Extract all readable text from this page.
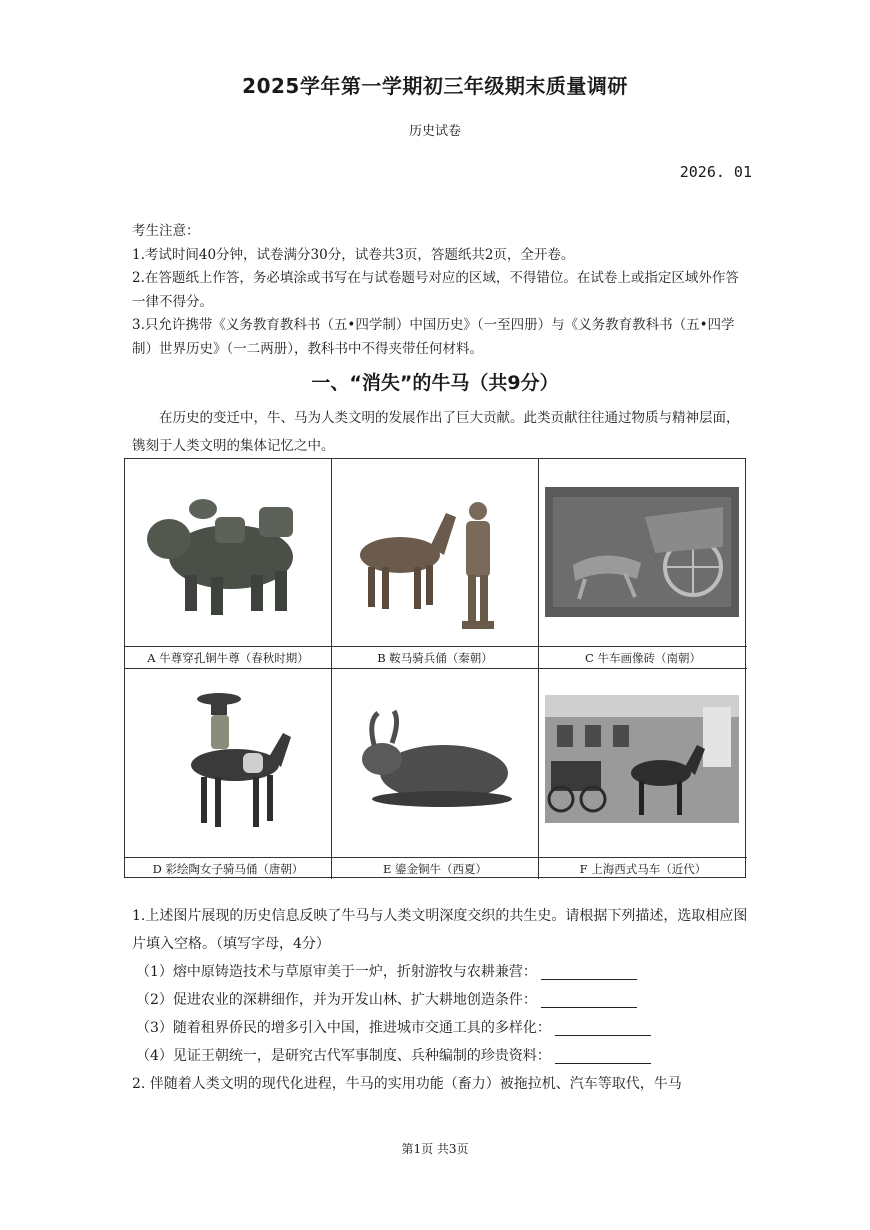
2025学年第一学期初三年级期末质量调研
历史试卷
2026. 01

考生注意：

1.考试时间40分钟，试卷满分30分，试卷共3页，答题纸共2页，全开卷。

2.在答题纸上作答，务必填涂或书写在与试卷题号对应的区域，不得错位。在试卷上或指定区域外作答一律不得分。

3.只允许携带《义务教育教科书（五•四学制）中国历史》（一至四册）与《义务教育教科书（五•四学制）世界历史》（一二两册），教科书中不得夹带任何材料。

一、“消失”的牛马（共9分）

在历史的变迁中，牛、马为人类文明的发展作出了巨大贡献。此类贡献往往通过物质与精神层面，镌刻于人类文明的集体记忆之中。

A 牛尊穿孔铜牛尊（春秋时期）	B 鞍马骑兵俑（秦朝）	C 牛车画像砖（南朝）
D 彩绘陶女子骑马俑（唐朝）	E 鎏金铜牛（西夏）	F 上海西式马车（近代）

1.上述图片展现的历史信息反映了牛马与人类文明深度交织的共生史。请根据下列描述，选取相应图片填入空格。（填写字母，4分）

（1）熔中原铸造技术与草原审美于一炉，折射游牧与农耕兼营：

（2）促进农业的深耕细作，并为开发山林、扩大耕地创造条件：

（3）随着租界侨民的增多引入中国，推进城市交通工具的多样化：

（4）见证王朝统一，是研究古代军事制度、兵种编制的珍贵资料：

2. 伴随着人类文明的现代化进程，牛马的实用功能（畜力）被拖拉机、汽车等取代，牛马

第1页 共3页
